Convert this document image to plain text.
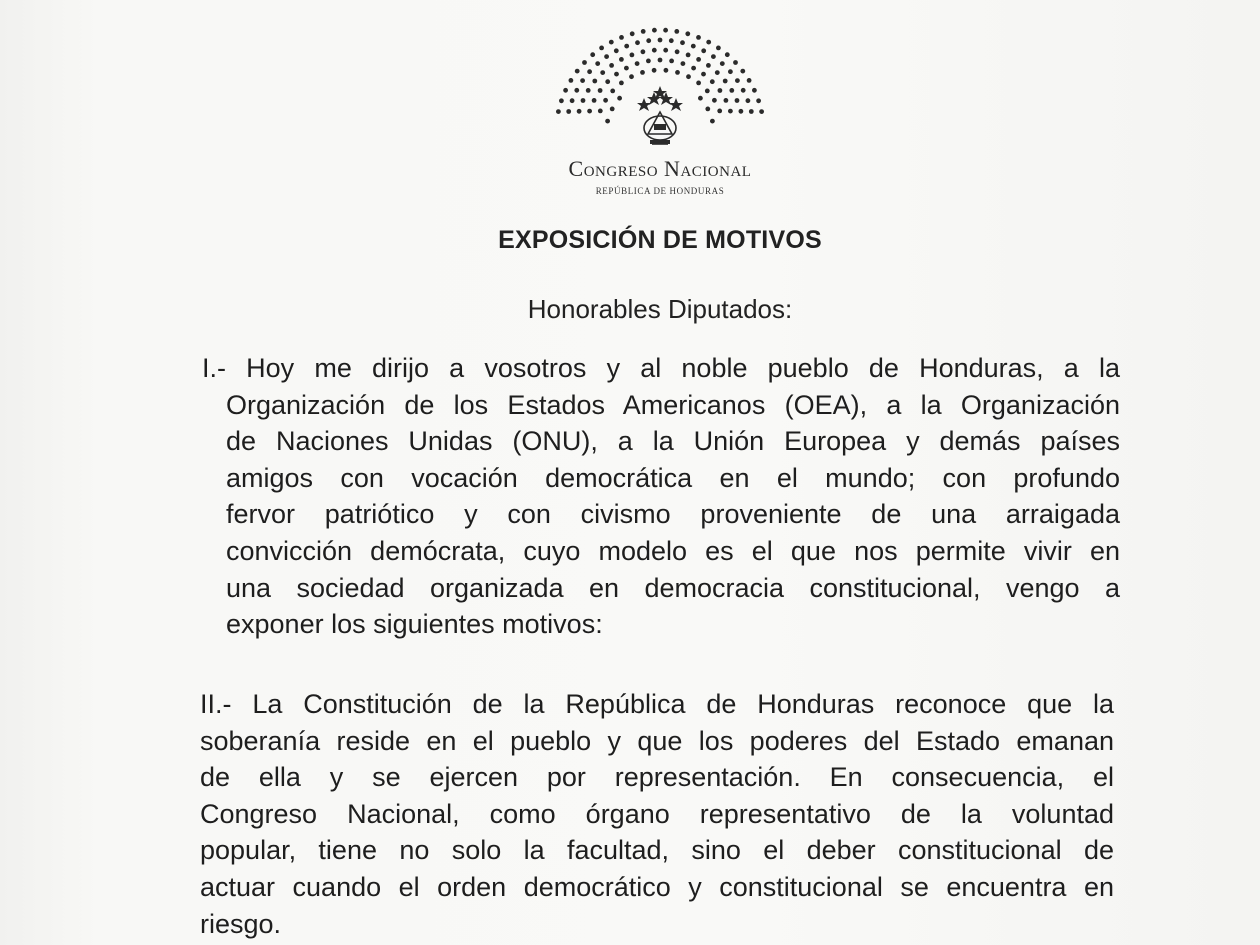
Congreso Nacional
REPÚBLICA DE HONDURAS
EXPOSICIÓN DE MOTIVOS
Honorables Diputados:
I.- Hoy me dirijo a vosotros y al noble pueblo de Honduras, a la
Organización de los Estados Americanos (OEA), a la Organización
de Naciones Unidas (ONU), a la Unión Europea y demás países
amigos con vocación democrática en el mundo; con profundo
fervor patriótico y con civismo proveniente de una arraigada
convicción demócrata, cuyo modelo es el que nos permite vivir en
una sociedad organizada en democracia constitucional, vengo a
exponer los siguientes motivos:
II.- La Constitución de la República de Honduras reconoce que la
soberanía reside en el pueblo y que los poderes del Estado emanan
de ella y se ejercen por representación. En consecuencia, el
Congreso Nacional, como órgano representativo de la voluntad
popular, tiene no solo la facultad, sino el deber constitucional de
actuar cuando el orden democrático y constitucional se encuentra en
riesgo.
